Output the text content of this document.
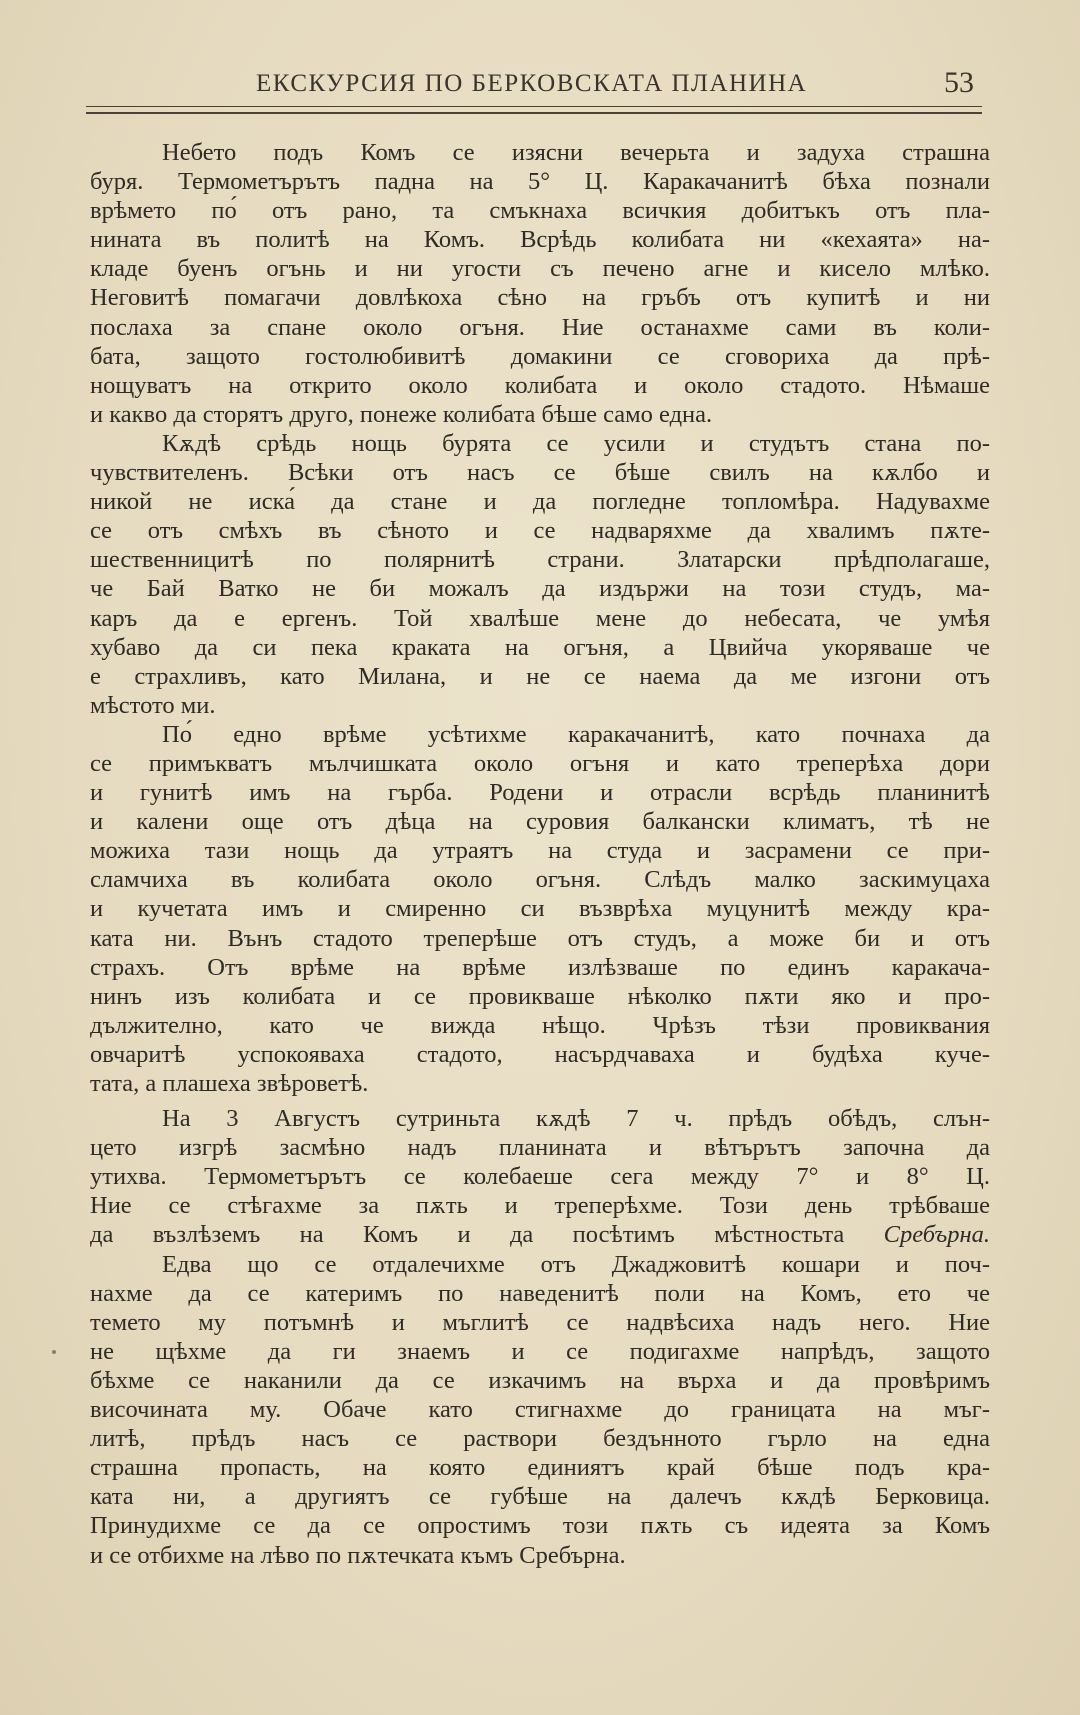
ЕКСКУРСИЯ ПО БЕРКОВСКАТА ПЛАНИНА	53
Небето подъ Комъ се изясни вечерьта и задуха страшна
буря. Термометърътъ падна на 5° Ц. Каракачанитѣ бѣха познали
врѣмето по́ отъ рано, та смъкнаха всичкия добитъкъ отъ пла-
нината въ политѣ на Комъ. Всрѣдь колибата ни «кехаята» на-
кладе буенъ огънь и ни угости съ печено агне и кисело млѣко.
Неговитѣ помагачи довлѣкоха сѣно на гръбъ отъ купитѣ и ни
послаха за спане около огъня. Ние останахме сами въ коли-
бата, защото гостолюбивитѣ домакини се сговориха да прѣ-
нощуватъ на открито около колибата и около стадото. Нѣмаше
и какво да сторятъ друго, понеже колибата бѣше само една.
Кѫдѣ срѣдь нощь бурята се усили и студътъ стана по-
чувствителенъ. Всѣки отъ насъ се бѣше свилъ на кѫлбо и
никой не иска́ да стане и да погледне топломѣра. Надувахме
се отъ смѣхъ въ сѣното и се надваряхме да хвалимъ пѫте-
шественницитѣ по полярнитѣ страни. Златарски прѣдполагаше,
че Бай Ватко не би можалъ да издържи на този студъ, ма-
каръ да е ергенъ. Той хвалѣше мене до небесата, че умѣя
хубаво да си пека краката на огъня, а Цвийча укоряваше че
е страхливъ, като Милана, и не се наема да ме изгони отъ
мѣстото ми.
По́ едно врѣме усѣтихме каракачанитѣ, като почнаха да
се примъкватъ мълчишката около огъня и като треперѣха дори
и гунитѣ имъ на гърба. Родени и отрасли всрѣдь планинитѣ
и калени още отъ дѣца на суровия балкански климатъ, тѣ не
можиха тази нощь да утраятъ на студа и засрамени се при-
сламчиха въ колибата около огъня. Слѣдъ малко заскимуцаха
и кучетата имъ и смиренно си възврѣха муцунитѣ между кра-
ката ни. Вънъ стадото треперѣше отъ студъ, а може би и отъ
страхъ. Отъ врѣме на врѣме излѣзваше по единъ каракача-
нинъ изъ колибата и се провикваше нѣколко пѫти яко и про-
дължително, като че вижда нѣщо. Чрѣзъ тѣзи провиквания
овчаритѣ успокояваха стадото, насърдчаваха и будѣха куче-
тата, а плашеха звѣроветѣ.
На 3 Августъ сутриньта кѫдѣ 7 ч. прѣдъ обѣдъ, слън-
цето изгрѣ засмѣно надъ планината и вѣтърътъ започна да
утихва. Термометърътъ се колебаеше сега между 7° и 8° Ц.
Ние се стѣгахме за пѫть и треперѣхме. Този день трѣбваше
да възлѣземъ на Комъ и да посѣтимъ мѣстностьта Сребърна.
Едва що се отдалечихме отъ Джаджовитѣ кошари и поч-
нахме да се катеримъ по наведенитѣ поли на Комъ, ето че
темето му потъмнѣ и мъглитѣ се надвѣсиха надъ него. Ние
не щѣхме да ги знаемъ и се подигахме напрѣдъ, защото
бѣхме се наканили да се изкачимъ на върха и да провѣримъ
височината му. Обаче като стигнахме до границата на мъг-
литѣ, прѣдъ насъ се раствори бездънното гърло на една
страшна пропасть, на която единиятъ край бѣше подъ кра-
ката ни, а другиятъ се губѣше на далечъ кѫдѣ Берковица.
Принудихме се да се опростимъ този пѫть съ идеята за Комъ
и се отбихме на лѣво по пѫтечката къмъ Сребърна.
